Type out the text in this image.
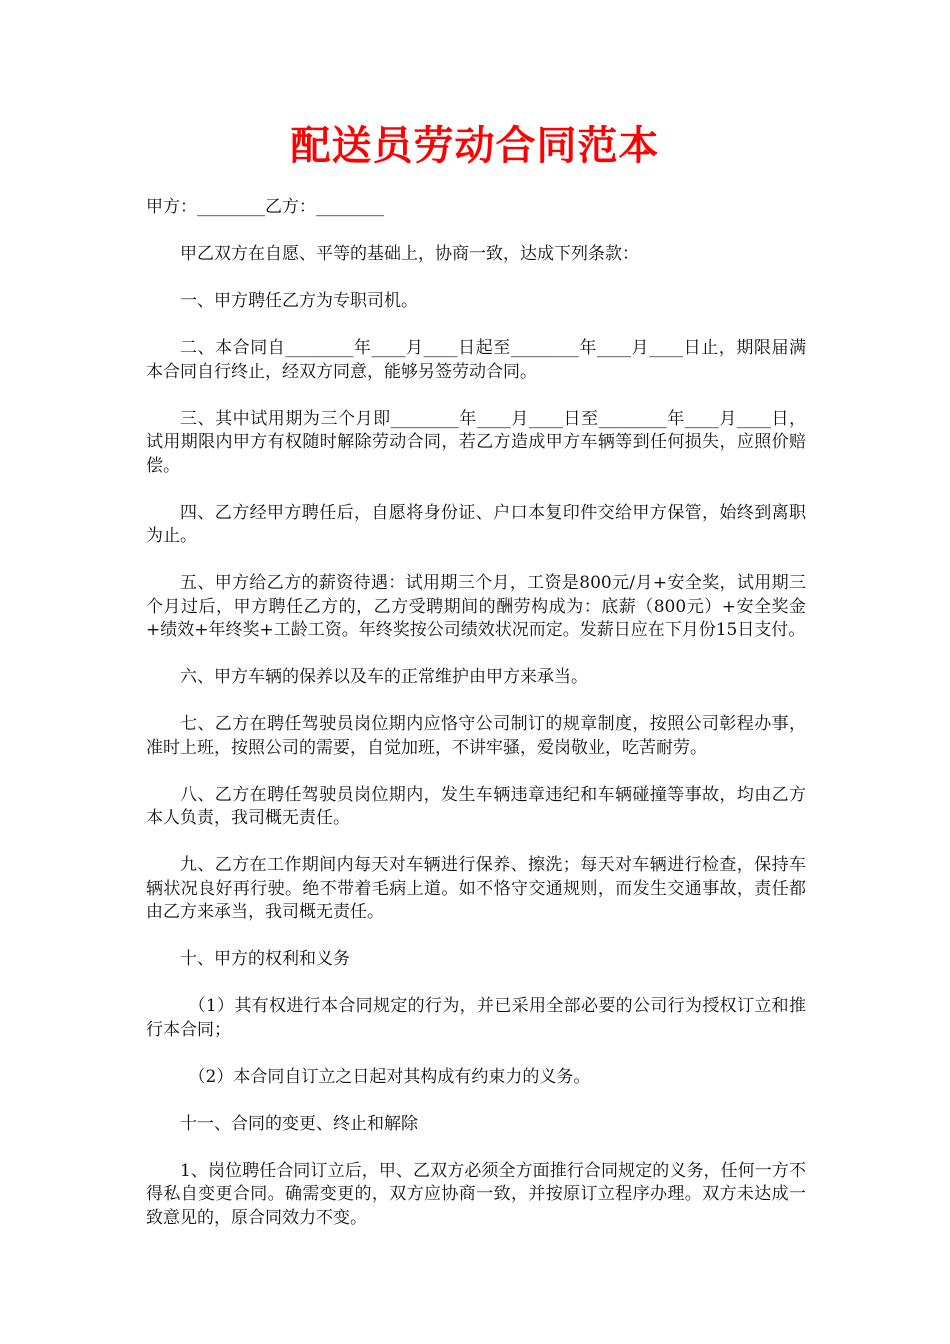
配送员劳动合同范本

甲方：________乙方：________

甲乙双方在自愿、平等的基础上，协商一致，达成下列条款：

一、甲方聘任乙方为专职司机。

二、本合同自________年____月____日起至________年____月____日止，期限届满本合同自行终止，经双方同意，能够另签劳动合同。

三、其中试用期为三个月即________年____月____日至________年____月____日，试用期限内甲方有权随时解除劳动合同，若乙方造成甲方车辆等到任何损失，应照价赔偿。

四、乙方经甲方聘任后，自愿将身份证、户口本复印件交给甲方保管，始终到离职为止。

五、甲方给乙方的薪资待遇：试用期三个月，工资是800元/月+安全奖，试用期三个月过后，甲方聘任乙方的，乙方受聘期间的酬劳构成为：底薪（800元）+安全奖金+绩效+年终奖+工龄工资。年终奖按公司绩效状况而定。发薪日应在下月份15日支付。

六、甲方车辆的保养以及车的正常维护由甲方来承当。

七、乙方在聘任驾驶员岗位期内应恪守公司制订的规章制度，按照公司彰程办事，准时上班，按照公司的需要，自觉加班，不讲牢骚，爱岗敬业，吃苦耐劳。

八、乙方在聘任驾驶员岗位期内，发生车辆违章违纪和车辆碰撞等事故，均由乙方本人负责，我司概无责任。

九、乙方在工作期间内每天对车辆进行保养、擦洗；每天对车辆进行检查，保持车辆状况良好再行驶。绝不带着毛病上道。如不恪守交通规则，而发生交通事故，责任都由乙方来承当，我司概无责任。

十、甲方的权利和义务

（1）其有权进行本合同规定的行为，并已采用全部必要的公司行为授权订立和推行本合同；

（2）本合同自订立之日起对其构成有约束力的义务。

十一、合同的变更、终止和解除

1、岗位聘任合同订立后，甲、乙双方必须全方面推行合同规定的义务，任何一方不得私自变更合同。确需变更的，双方应协商一致，并按原订立程序办理。双方未达成一致意见的，原合同效力不变。
